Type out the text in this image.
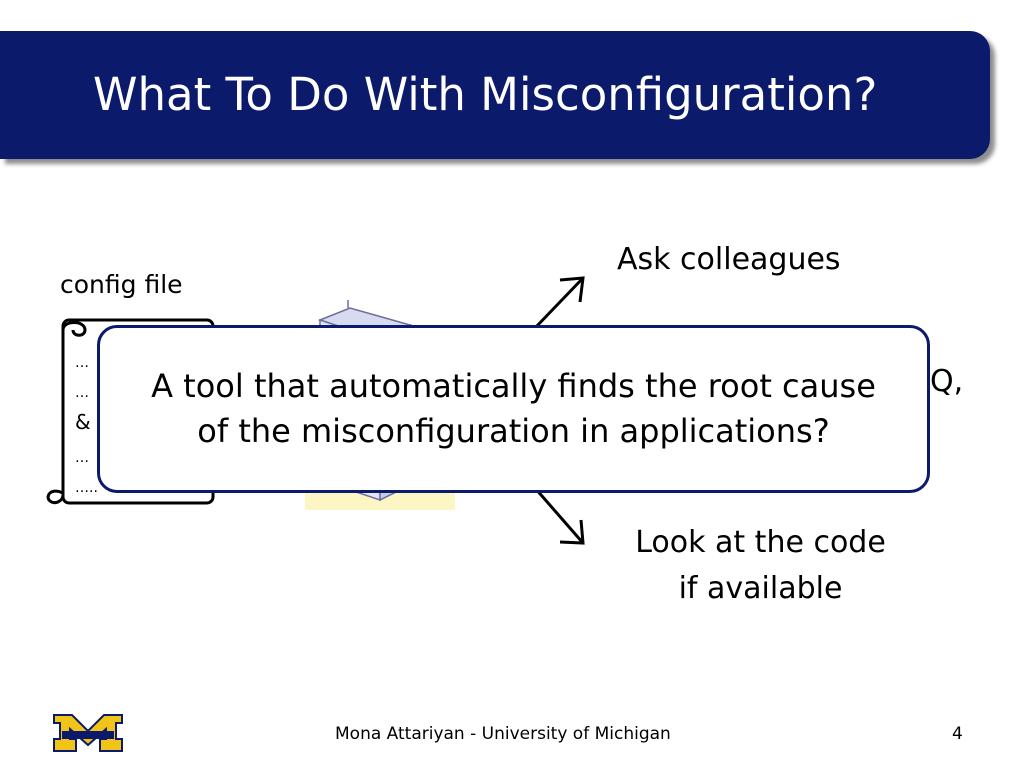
What To Do With Misconfiguration?
config file
…
…
&
…
…..
Ask colleagues
Q,
Look at the code
if available
A tool that automatically finds the root cause
of the misconfiguration in applications?
Mona Attariyan - University of Michigan	4
